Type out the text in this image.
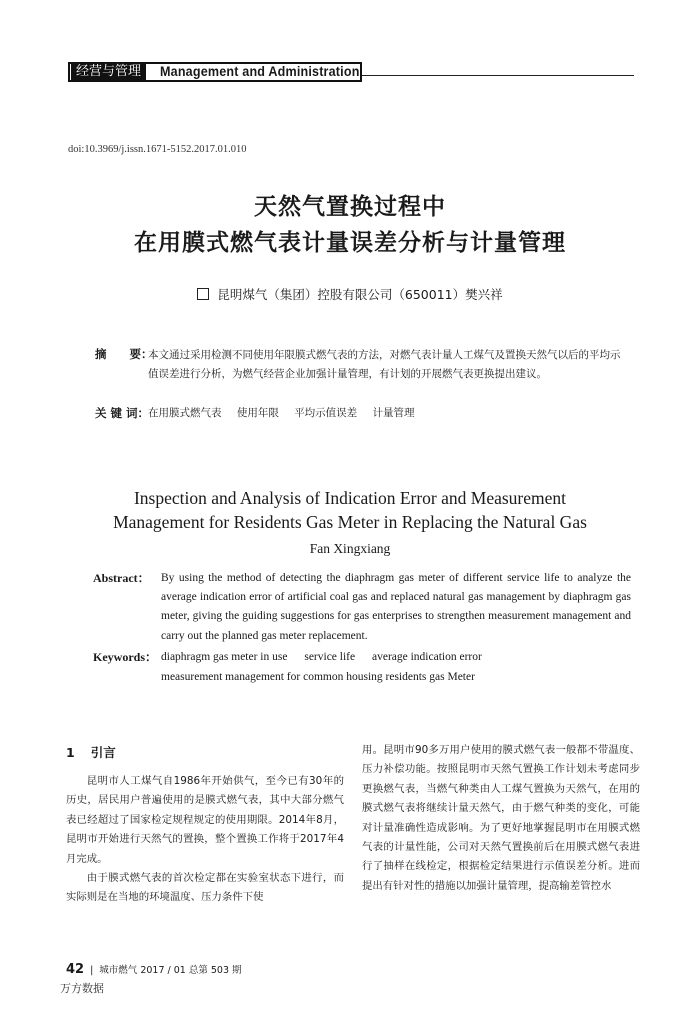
经营与管理	Management and Administration
doi:10.3969/j.issn.1671-5152.2017.01.010
天然气置换过程中
在用膜式燃气表计量误差分析与计量管理
昆明煤气（集团）控股有限公司（650011）樊兴祥
摘　　要：
本文通过采用检测不同使用年限膜式燃气表的方法，对燃气表计量人工煤气及置换天然气以后的平均示值误差进行分析，为燃气经营企业加强计量管理，有计划的开展燃气表更换提出建议。
关 键 词：
在用膜式燃气表 使用年限 平均示值误差 计量管理
Inspection and Analysis of Indication Error and Measurement
Management for Residents Gas Meter in Replacing the Natural Gas
Fan Xingxiang
Abstract： By using the method of detecting the diaphragm gas meter of different service life to analyze the average indication error of artificial coal gas and replaced natural gas management by diaphragm gas meter, giving the guiding suggestions for gas enterprises to strengthen measurement management and carry out the planned gas meter replacement.
Keywords： diaphragm gas meter in use service life average indication error
measurement management for common housing residents gas Meter
1 引言

昆明市人工煤气自1986年开始供气，至今已有30年的历史，居民用户普遍使用的是膜式燃气表，其中大部分燃气表已经超过了国家检定规程规定的使用期限。2014年8月，昆明市开始进行天然气的置换，整个置换工作将于2017年4月完成。

由于膜式燃气表的首次检定都在实验室状态下进行，而实际则是在当地的环境温度、压力条件下使

用。昆明市90多万用户使用的膜式燃气表一般都不带温度、压力补偿功能。按照昆明市天然气置换工作计划未考虑同步更换燃气表，当燃气种类由人工煤气置换为天然气，在用的膜式燃气表将继续计量天然气，由于燃气种类的变化，可能对计量准确性造成影响。为了更好地掌握昆明市在用膜式燃气表的计量性能，公司对天然气置换前后在用膜式燃气表进行了抽样在线检定，根据检定结果进行示值误差分析。进而提出有针对性的措施以加强计量管理，提高输差管控水

42 | 城市燃气 2017 / 01 总第 503 期
万方数据
